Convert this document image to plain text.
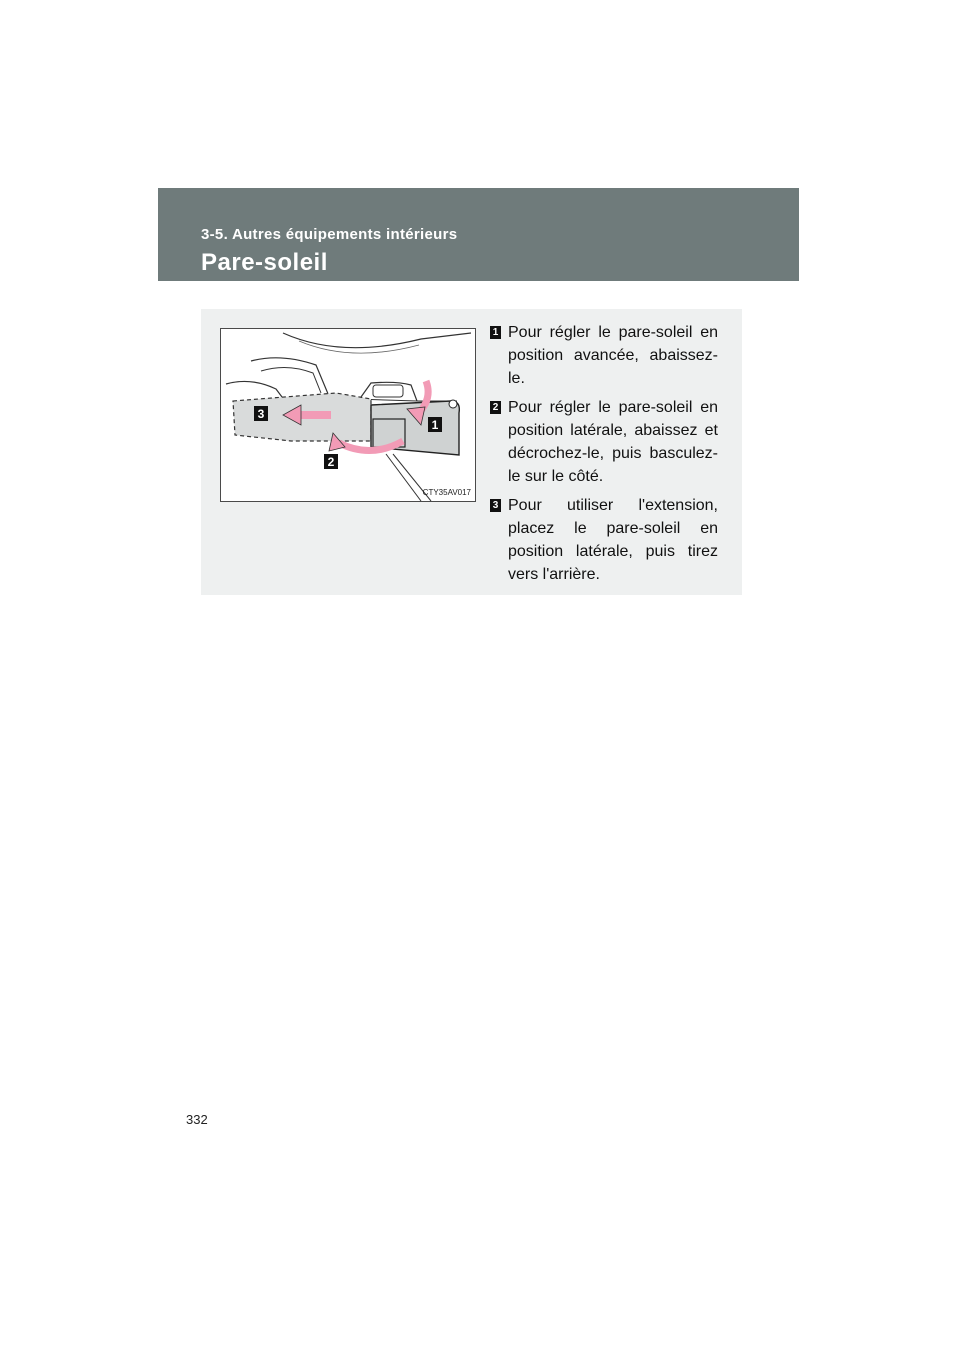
3-5. Autres équipements intérieurs
Pare-soleil
3
1
2
CTY35AV017
1 Pour régler le pare-soleil en position avancée, abaissez-le.
2 Pour régler le pare-soleil en position latérale, abaissez et décrochez-le, puis basculez-le sur le côté.
3 Pour utiliser l'extension, placez le pare-soleil en position latérale, puis tirez vers l'arrière.
332
